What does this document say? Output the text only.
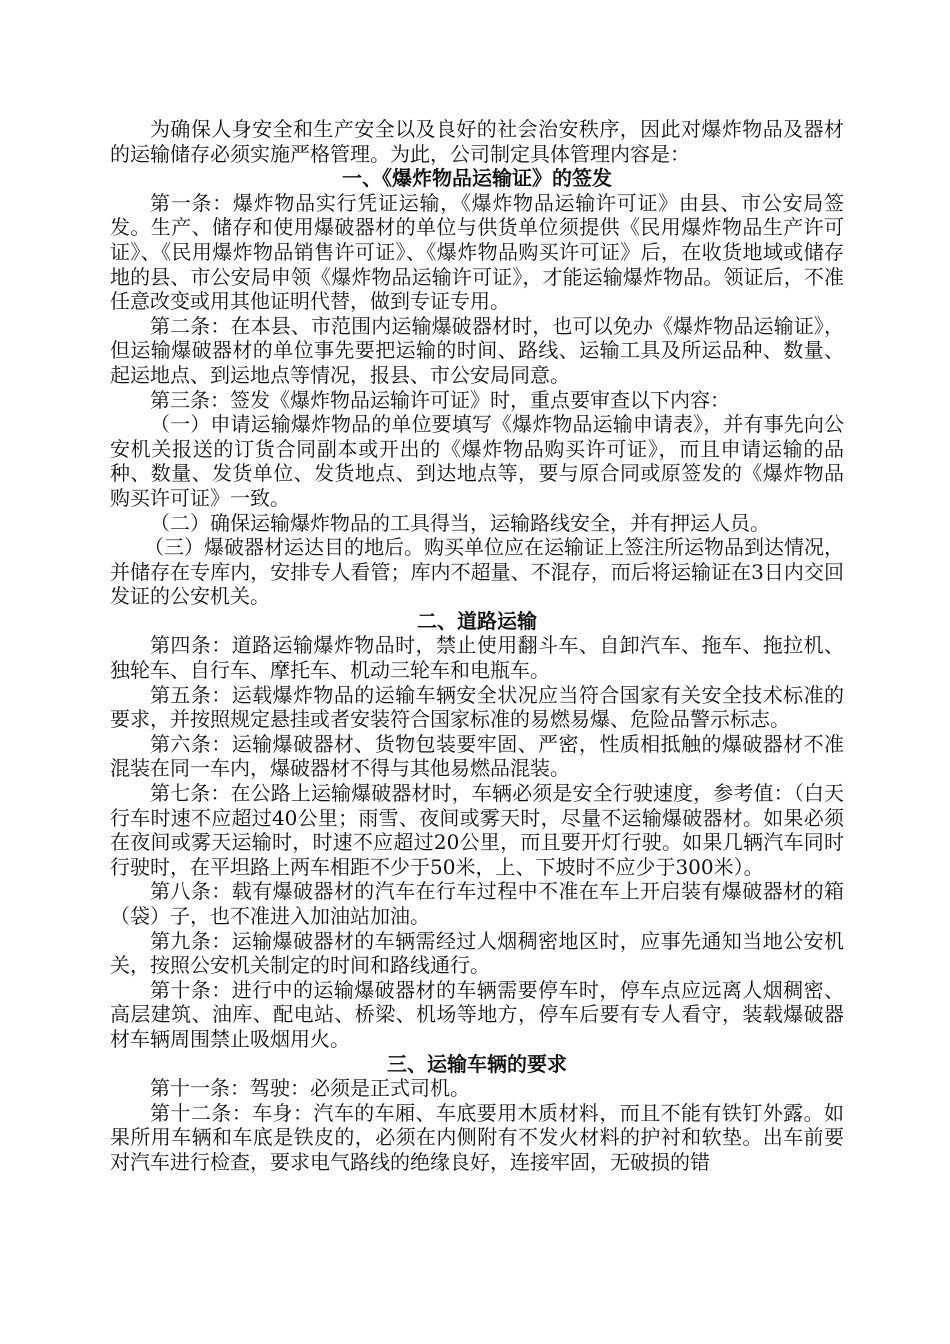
为确保人身安全和生产安全以及良好的社会治安秩序，因此对爆炸物品及器材的运输储存必须实施严格管理。为此，公司制定具体管理内容是：

一、《爆炸物品运输证》的签发

第一条：爆炸物品实行凭证运输，《爆炸物品运输许可证》由县、市公安局签发。生产、储存和使用爆破器材的单位与供货单位须提供《民用爆炸物品生产许可证》、《民用爆炸物品销售许可证》、《爆炸物品购买许可证》后，在收货地域或储存地的县、市公安局申领《爆炸物品运输许可证》，才能运输爆炸物品。领证后，不准任意改变或用其他证明代替，做到专证专用。

第二条：在本县、市范围内运输爆破器材时，也可以免办《爆炸物品运输证》，但运输爆破器材的单位事先要把运输的时间、路线、运输工具及所运品种、数量、起运地点、到运地点等情况，报县、市公安局同意。

第三条：签发《爆炸物品运输许可证》时，重点要审查以下内容：

（一）申请运输爆炸物品的单位要填写《爆炸物品运输申请表》，并有事先向公安机关报送的订货合同副本或开出的《爆炸物品购买许可证》，而且申请运输的品种、数量、发货单位、发货地点、到达地点等，要与原合同或原签发的《爆炸物品购买许可证》一致。

（二）确保运输爆炸物品的工具得当，运输路线安全，并有押运人员。

（三）爆破器材运达目的地后。购买单位应在运输证上签注所运物品到达情况，并储存在专库内，安排专人看管；库内不超量、不混存，而后将运输证在3日内交回发证的公安机关。

二、道路运输

第四条：道路运输爆炸物品时，禁止使用翻斗车、自卸汽车、拖车、拖拉机、独轮车、自行车、摩托车、机动三轮车和电瓶车。

第五条：运载爆炸物品的运输车辆安全状况应当符合国家有关安全技术标准的要求，并按照规定悬挂或者安装符合国家标准的易燃易爆、危险品警示标志。

第六条：运输爆破器材、货物包装要牢固、严密，性质相抵触的爆破器材不准混装在同一车内，爆破器材不得与其他易燃品混装。

第七条：在公路上运输爆破器材时，车辆必须是安全行驶速度，参考值：（白天行车时速不应超过40公里；雨雪、夜间或雾天时，尽量不运输爆破器材。如果必须在夜间或雾天运输时，时速不应超过20公里，而且要开灯行驶。如果几辆汽车同时行驶时，在平坦路上两车相距不少于50米，上、下坡时不应少于300米）。

第八条：载有爆破器材的汽车在行车过程中不准在车上开启装有爆破器材的箱（袋）子，也不准进入加油站加油。

第九条：运输爆破器材的车辆需经过人烟稠密地区时，应事先通知当地公安机关，按照公安机关制定的时间和路线通行。

第十条：进行中的运输爆破器材的车辆需要停车时，停车点应远离人烟稠密、高层建筑、油库、配电站、桥梁、机场等地方，停车后要有专人看守，装载爆破器材车辆周围禁止吸烟用火。

三、运输车辆的要求

第十一条：驾驶：必须是正式司机。

第十二条：车身：汽车的车厢、车底要用木质材料，而且不能有铁钉外露。如果所用车辆和车底是铁皮的，必须在内侧附有不发火材料的护衬和软垫。出车前要对汽车进行检查，要求电气路线的绝缘良好，连接牢固，无破损的错
